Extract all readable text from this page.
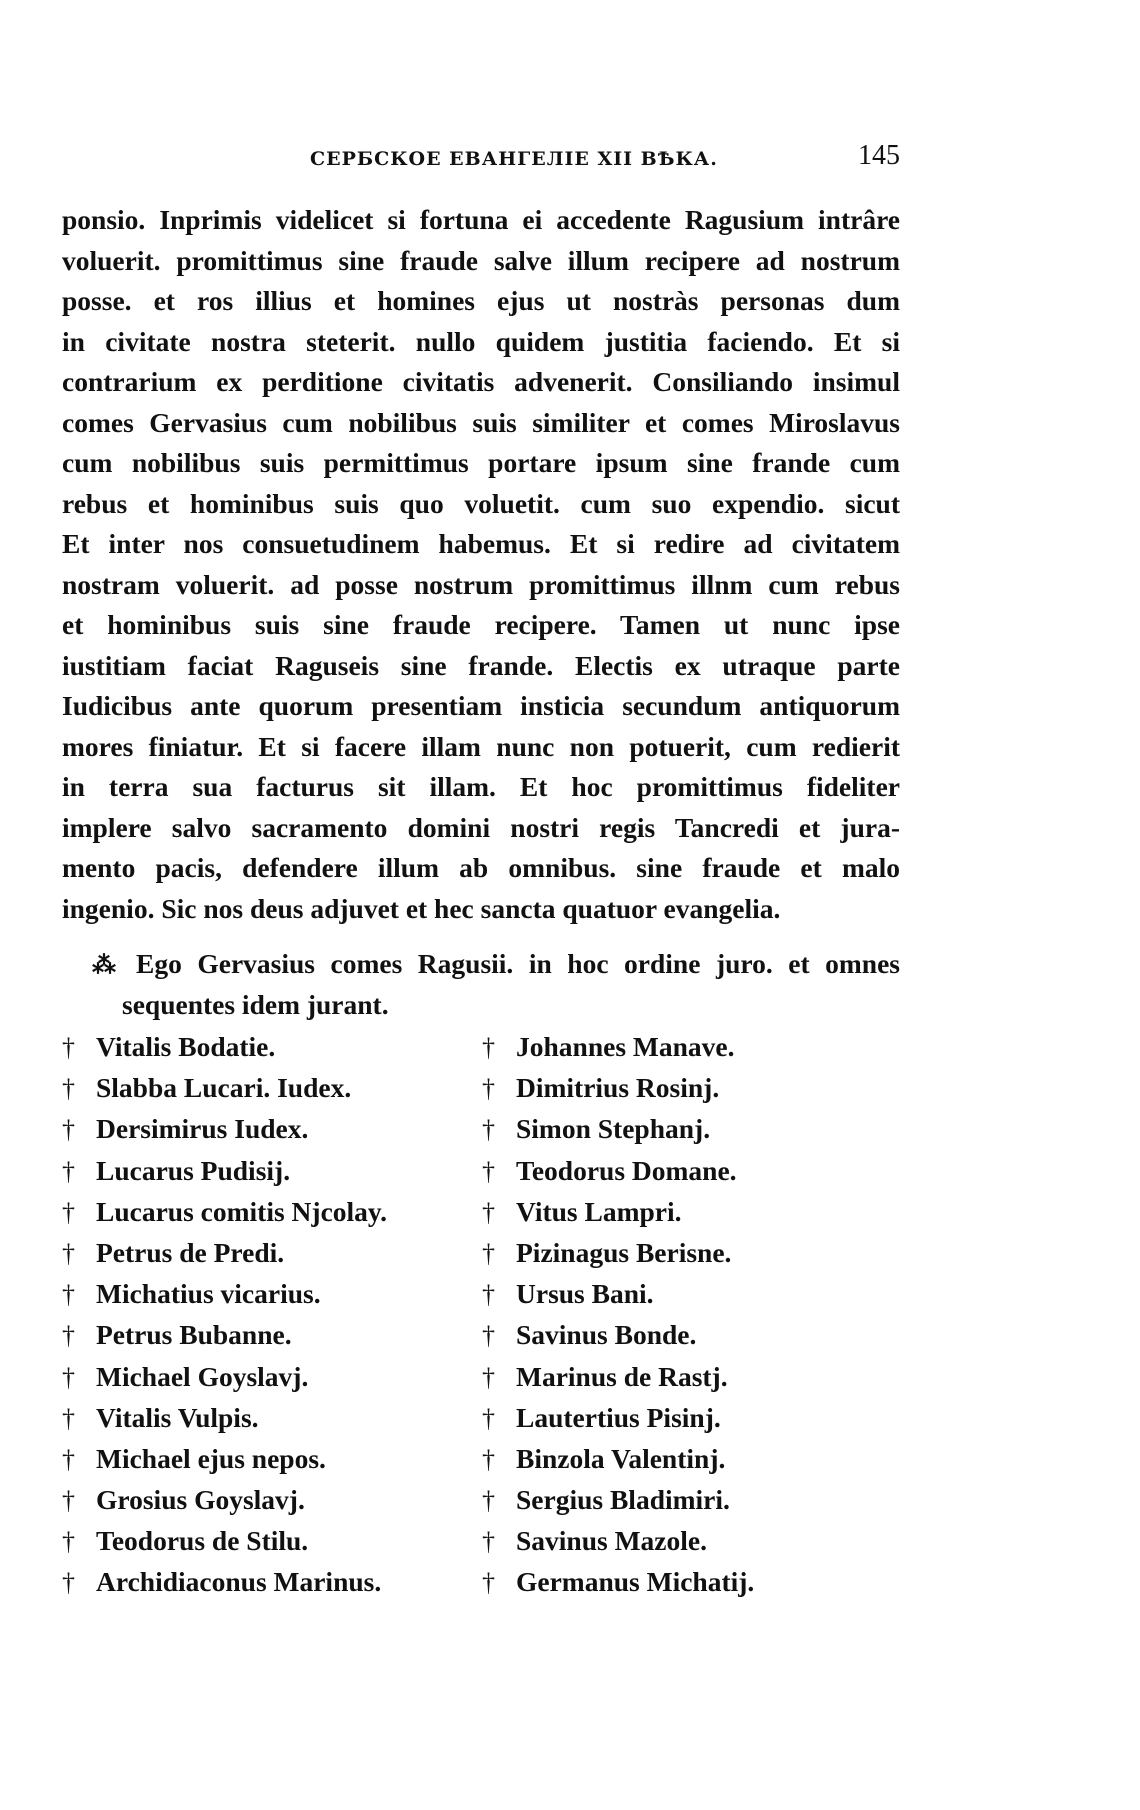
СЕРБСКОЕ ЕВАНГЕЛІЕ XII ВѢКА.	145
ponsio. Inprimis videlicet si fortuna ei accedente Ragusium intrâre
voluerit. promittimus sine fraude salve illum recipere ad nostrum
posse. et ros illius et homines ejus ut nostràs personas dum
in civitate nostra steterit. nullo quidem justitia faciendo. Et si
contrarium ex perditione civitatis advenerit. Consiliando insimul
comes Gervasius cum nobilibus suis similiter et comes Miroslavus
cum nobilibus suis permittimus portare ipsum sine frande cum
rebus et hominibus suis quo voluetit. cum suo expendio. sicut
Et inter nos consuetudinem habemus. Et si redire ad civitatem
nostram voluerit. ad posse nostrum promittimus illnm cum rebus
et hominibus suis sine fraude recipere. Tamen ut nunc ipse
iustitiam faciat Raguseis sine frande. Electis ex utraque parte
Iudicibus ante quorum presentiam insticia secundum antiquorum
mores finiatur. Et si facere illam nunc non potuerit, cum redierit
in terra sua facturus sit illam. Et hoc promittimus fideliter
implere salvo sacramento domini nostri regis Tancredi et jura-
mento pacis, defendere illum ab omnibus. sine fraude et malo
ingenio. Sic nos deus adjuvet et hec sancta quatuor evangelia.
⁂ Ego Gervasius comes Ragusii. in hoc ordine juro. et omnes
sequentes idem jurant.
† Vitalis Bodatie.
† Slabba Lucari. Iudex.
† Dersimirus Iudex.
† Lucarus Pudisij.
† Lucarus comitis Njcolay.
† Petrus de Predi.
† Michatius vicarius.
† Petrus Bubanne.
† Michael Goyslavj.
† Vitalis Vulpis.
† Michael ejus nepos.
† Grosius Goyslavj.
† Teodorus de Stilu.
† Archidiaconus Marinus.
† Johannes Manave.
† Dimitrius Rosinj.
† Simon Stephanj.
† Teodorus Domane.
† Vitus Lampri.
† Pizinagus Berisne.
† Ursus Bani.
† Savinus Bonde.
† Marinus de Rastj.
† Lautertius Pisinj.
† Binzola Valentinj.
† Sergius Bladimiri.
† Savinus Mazole.
† Germanus Michatij.
